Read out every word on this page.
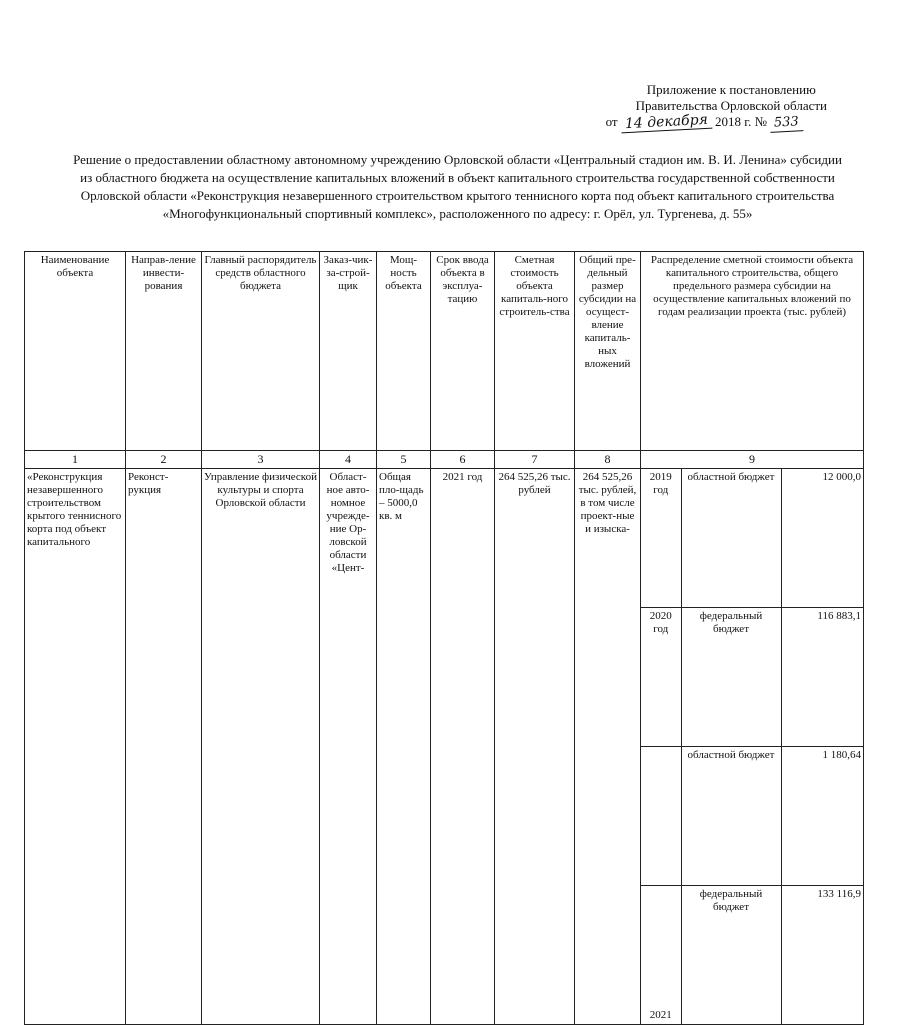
Приложение к постановлению
Правительства Орловской области
от 14 декабря 2018 г. № 533
Решение о предоставлении областному автономному учреждению Орловской области «Центральный стадион им. В. И. Ленина» субсидии из областного бюджета на осуществление капитальных вложений в объект капитального строительства государственной собственности Орловской области «Реконструкция незавершенного строительством крытого теннисного корта под объект капитального строительства «Многофункциональный спортивный комплекс», расположенного по адресу: г. Орёл, ул. Тургенева, д. 55»
Наименование объекта	Направ-ление инвести-рования	Главный распорядитель средств областного бюджета	Заказ-чик-за-строй-щик	Мощ-ность объекта	Срок ввода объекта в эксплуа-тацию	Сметная стоимость объекта капиталь-ного строитель-ства	Общий пре-дельный размер субсидии на осущест-вление капиталь-ных вложений	Распределение сметной стоимости объекта капитального строительства, общего предельного размера субсидии на осуществление капитальных вложений по годам реализации проекта (тыс. рублей)
1	2	3	4	5	6	7	8	9
«Реконструкция незавершенного строительством крытого теннисного корта под объект капитального	Реконст-рукция	Управление физической культуры и спорта Орловской области	Област-ное авто-номное учрежде-ние Ор-ловской области «Цент-	Общая пло-щадь – 5000,0 кв. м	2021 год	264 525,26 тыс. рублей	264 525,26 тыс. рублей, в том числе проект-ные и изыска-	
2019 год	областной бюджет	12 000,0
2020 год	федеральный бюджет	116 883,1
	областной бюджет	1 180,64
2021	федеральный бюджет	133 116,9
